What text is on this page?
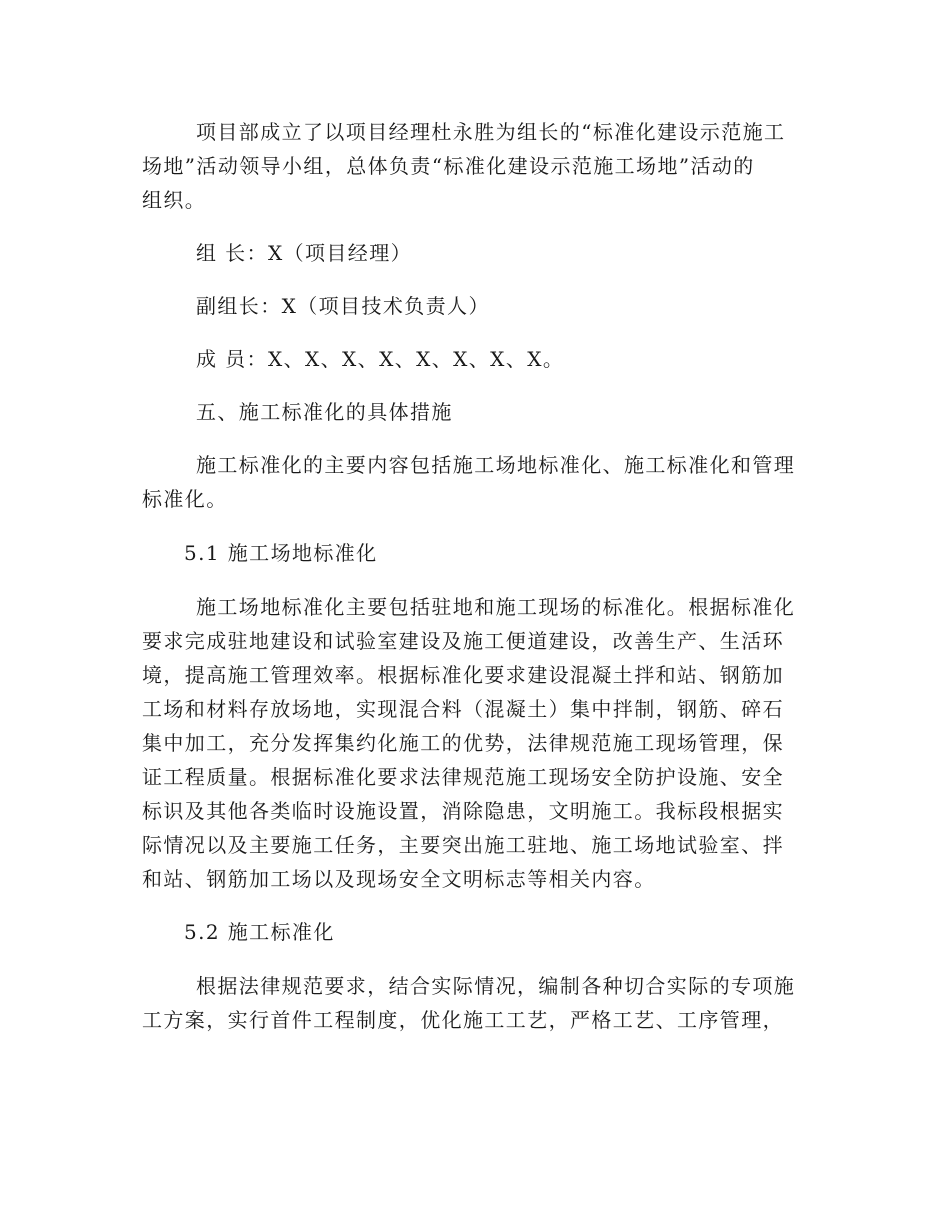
项目部成立了以项目经理杜永胜为组长的“标准化建设示范施工
场地”活动领导小组，总体负责“标准化建设示范施工场地”活动的
组织。
组 长：X（项目经理）
副组长：X（项目技术负责人）
成 员：X、X、X、X、X、X、X、X。
五、施工标准化的具体措施
施工标准化的主要内容包括施工场地标准化、施工标准化和管理
标准化。
5.1 施工场地标准化
施工场地标准化主要包括驻地和施工现场的标准化。根据标准化
要求完成驻地建设和试验室建设及施工便道建设，改善生产、生活环
境，提高施工管理效率。根据标准化要求建设混凝土拌和站、钢筋加
工场和材料存放场地，实现混合料（混凝土）集中拌制，钢筋、碎石
集中加工，充分发挥集约化施工的优势，法律规范施工现场管理，保
证工程质量。根据标准化要求法律规范施工现场安全防护设施、安全
标识及其他各类临时设施设置，消除隐患，文明施工。我标段根据实
际情况以及主要施工任务，主要突出施工驻地、施工场地试验室、拌
和站、钢筋加工场以及现场安全文明标志等相关内容。
5.2 施工标准化
根据法律规范要求，结合实际情况，编制各种切合实际的专项施
工方案，实行首件工程制度，优化施工工艺，严格工艺、工序管理，
